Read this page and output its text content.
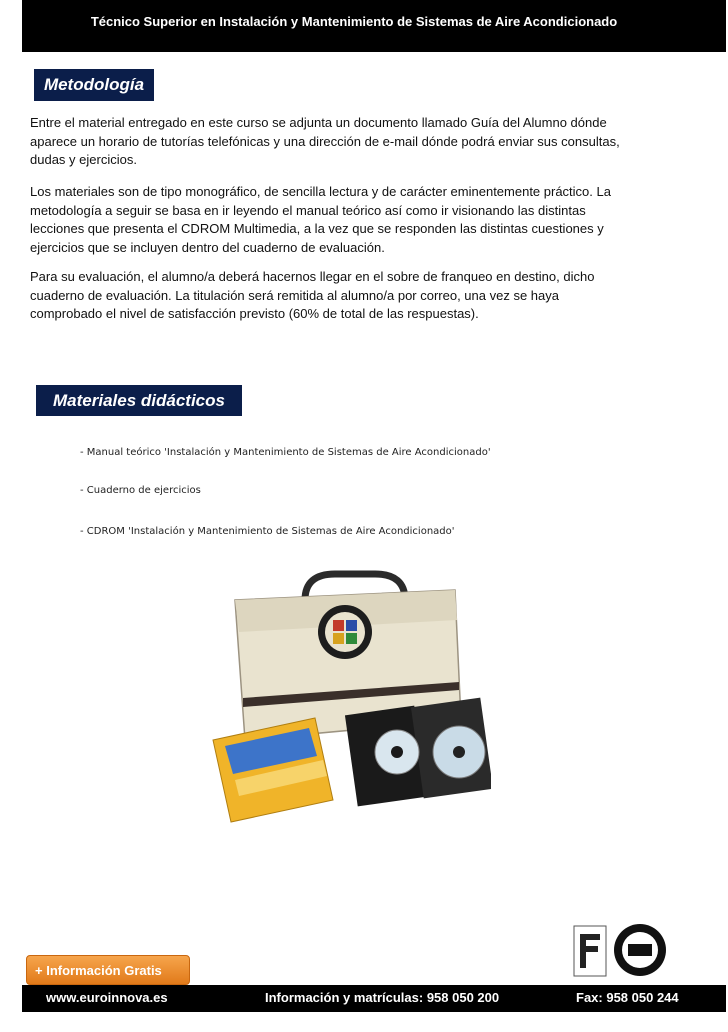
Técnico Superior en Instalación y Mantenimiento de Sistemas de Aire Acondicionado
Metodología

Entre el material entregado en este curso se adjunta un documento llamado Guía del Alumno dónde aparece un horario de tutorías telefónicas y una dirección de e-mail dónde podrá enviar sus consultas, dudas y ejercicios.

Los materiales son de tipo monográfico, de sencilla lectura y de carácter eminentemente práctico. La metodología a seguir se basa en ir leyendo el manual teórico así como ir visionando las distintas lecciones que presenta el CDROM Multimedia, a la vez que se responden las distintas cuestiones y ejercicios que se incluyen dentro del cuaderno de evaluación.

Para su evaluación, el alumno/a deberá hacernos llegar en el sobre de franqueo en destino, dicho cuaderno de evaluación. La titulación será remitida al alumno/a por correo, una vez se haya comprobado el nivel de satisfacción previsto (60% de total de las respuestas).

Materiales didácticos
- Manual teórico 'Instalación y Mantenimiento de Sistemas de Aire Acondicionado'
- Cuaderno de ejercicios
- CDROM 'Instalación y Mantenimiento de Sistemas de Aire Acondicionado'
+ Información Gratis
www.euroinnova.es	Información y matrículas: 958 050 200	Fax: 958 050 244
